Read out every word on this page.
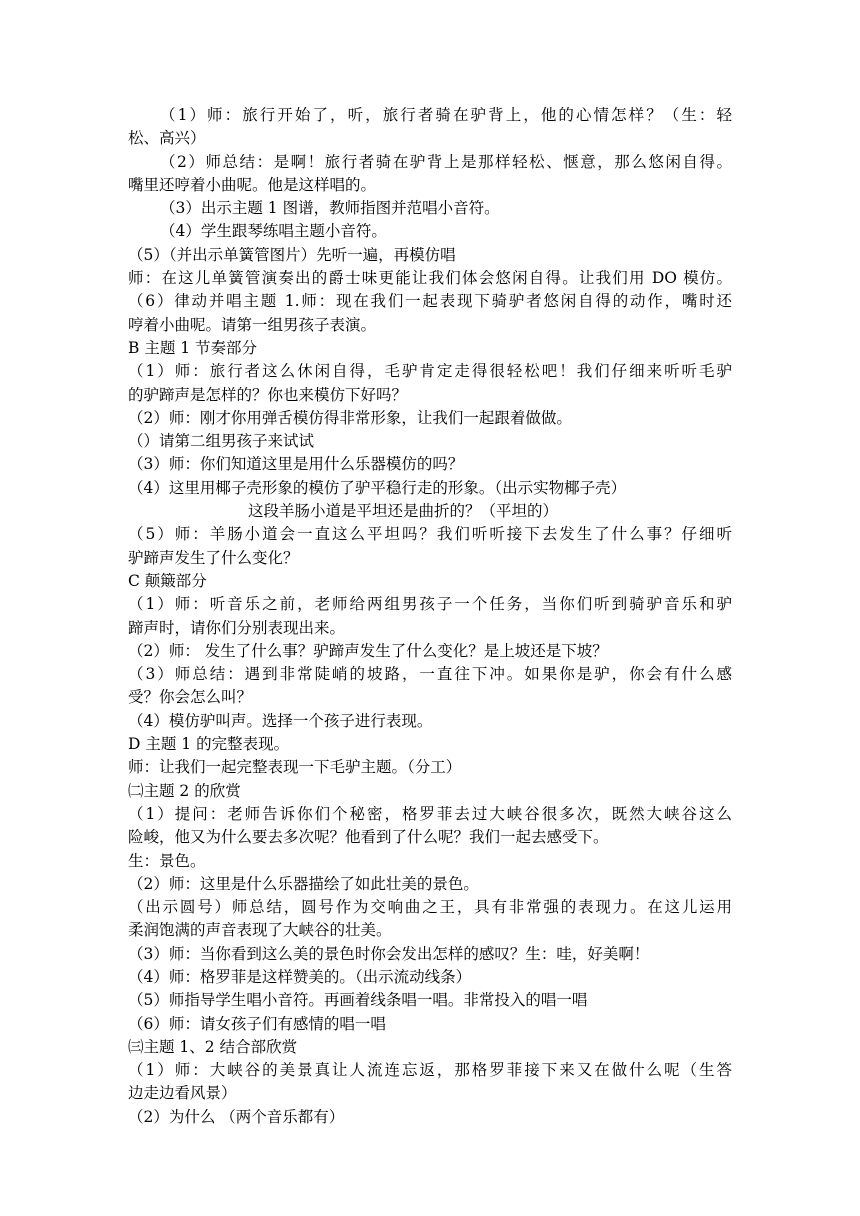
（1）师：旅行开始了，听，旅行者骑在驴背上，他的心情怎样？（生：轻
松、高兴）
（2）师总结：是啊！旅行者骑在驴背上是那样轻松、惬意，那么悠闲自得。
嘴里还哼着小曲呢。他是这样唱的。
（3）出示主题 1 图谱，教师指图并范唱小音符。
（4）学生跟琴练唱主题小音符。
（5）（并出示单簧管图片）先听一遍，再模仿唱
师：在这儿单簧管演奏出的爵士味更能让我们体会悠闲自得。让我们用 DO 模仿。
（6）律动并唱主题 1.师：现在我们一起表现下骑驴者悠闲自得的动作，嘴时还
哼着小曲呢。请第一组男孩子表演。
B 主题 1 节奏部分
（1）师：旅行者这么休闲自得，毛驴肯定走得很轻松吧！我们仔细来听听毛驴
的驴蹄声是怎样的？你也来模仿下好吗？
（2）师：刚才你用弹舌模仿得非常形象，让我们一起跟着做做。
（）请第二组男孩子来试试
（3）师：你们知道这里是用什么乐器模仿的吗？
（4）这里用椰子壳形象的模仿了驴平稳行走的形象。（出示实物椰子壳）
这段羊肠小道是平坦还是曲折的？（平坦的）
（5）师：羊肠小道会一直这么平坦吗？我们听听接下去发生了什么事？仔细听
驴蹄声发生了什么变化？
C 颠簸部分
（1）师：听音乐之前，老师给两组男孩子一个任务，当你们听到骑驴音乐和驴
蹄声时，请你们分别表现出来。
（2）师： 发生了什么事？驴蹄声发生了什么变化？是上坡还是下坡？
（3）师总结：遇到非常陡峭的坡路，一直往下冲。如果你是驴，你会有什么感
受？你会怎么叫？
（4）模仿驴叫声。选择一个孩子进行表现。
D 主题 1 的完整表现。
师：让我们一起完整表现一下毛驴主题。（分工）
㈡主题 2 的欣赏
（1）提问：老师告诉你们个秘密，格罗菲去过大峡谷很多次，既然大峡谷这么
险峻，他又为什么要去多次呢？他看到了什么呢？我们一起去感受下。
生：景色。
（2）师：这里是什么乐器描绘了如此壮美的景色。
（出示圆号）师总结，圆号作为交响曲之王，具有非常强的表现力。在这儿运用
柔润饱满的声音表现了大峡谷的壮美。
（3）师：当你看到这么美的景色时你会发出怎样的感叹？生：哇，好美啊！
（4）师：格罗菲是这样赞美的。（出示流动线条）
（5）师指导学生唱小音符。再画着线条唱一唱。非常投入的唱一唱
（6）师：请女孩子们有感情的唱一唱
㈢主题 1、2 结合部欣赏
（1）师：大峡谷的美景真让人流连忘返，那格罗菲接下来又在做什么呢（生答
边走边看风景）
（2）为什么 （两个音乐都有）
